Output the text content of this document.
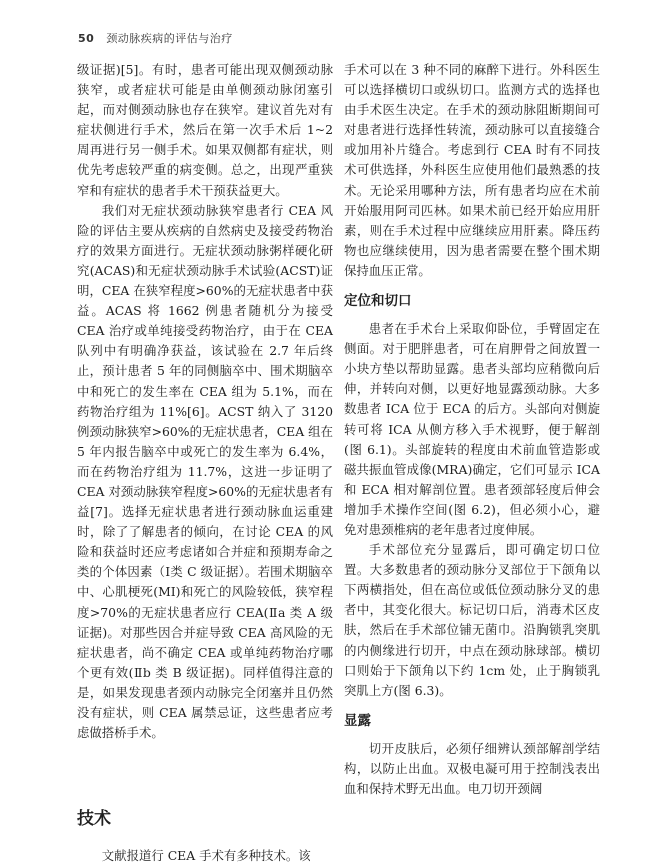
50 颈动脉疾病的评估与治疗

级证据)[5]。有时，患者可能出现双侧颈动脉狭窄，或者症状可能是由单侧颈动脉闭塞引起，而对侧颈动脉也存在狭窄。建议首先对有症状侧进行手术，然后在第一次手术后 1~2 周再进行另一侧手术。如果双侧都有症状，则优先考虑较严重的病变侧。总之，出现严重狭窄和有症状的患者手术干预获益更大。

我们对无症状颈动脉狭窄患者行 CEA 风险的评估主要从疾病的自然病史及接受药物治疗的效果方面进行。无症状颈动脉粥样硬化研究(ACAS)和无症状颈动脉手术试验(ACST)证明，CEA 在狭窄程度>60%的无症状患者中获益。ACAS 将 1662 例患者随机分为接受 CEA 治疗或单纯接受药物治疗，由于在 CEA 队列中有明确净获益，该试验在 2.7 年后终止，预计患者 5 年的同侧脑卒中、围术期脑卒中和死亡的发生率在 CEA 组为 5.1%，而在药物治疗组为 11%[6]。ACST 纳入了 3120 例颈动脉狭窄>60%的无症状患者，CEA 组在 5 年内报告脑卒中或死亡的发生率为 6.4%，而在药物治疗组为 11.7%，这进一步证明了 CEA 对颈动脉狭窄程度>60%的无症状患者有益[7]。选择无症状患者进行颈动脉血运重建时，除了了解患者的倾向，在讨论 CEA 的风险和获益时还应考虑诸如合并症和预期寿命之类的个体因素（Ⅰ类 C 级证据）。若围术期脑卒中、心肌梗死(MI)和死亡的风险较低，狭窄程度>70%的无症状患者应行 CEA(Ⅱa 类 A 级证据)。对那些因合并症导致 CEA 高风险的无症状患者，尚不确定 CEA 或单纯药物治疗哪个更有效(Ⅱb 类 B 级证据)。同样值得注意的是，如果发现患者颈内动脉完全闭塞并且仍然没有症状，则 CEA 属禁忌证，这些患者应考虑做搭桥手术。

技术

文献报道行 CEA 手术有多种技术。该

手术可以在 3 种不同的麻醉下进行。外科医生可以选择横切口或纵切口。监测方式的选择也由手术医生决定。在手术的颈动脉阻断期间可对患者进行选择性转流，颈动脉可以直接缝合或加用补片缝合。考虑到行 CEA 时有不同技术可供选择，外科医生应使用他们最熟悉的技术。无论采用哪种方法，所有患者均应在术前开始服用阿司匹林。如果术前已经开始应用肝素，则在手术过程中应继续应用肝素。降压药物也应继续使用，因为患者需要在整个围术期保持血压正常。

定位和切口

患者在手术台上采取仰卧位，手臂固定在侧面。对于肥胖患者，可在肩胛骨之间放置一小块方垫以帮助显露。患者头部均应稍微向后伸，并转向对侧，以更好地显露颈动脉。大多数患者 ICA 位于 ECA 的后方。头部向对侧旋转可将 ICA 从侧方移入手术视野，便于解剖(图 6.1)。头部旋转的程度由术前血管造影或磁共振血管成像(MRA)确定，它们可显示 ICA 和 ECA 相对解剖位置。患者颈部轻度后伸会增加手术操作空间(图 6.2)，但必须小心，避免对患颈椎病的老年患者过度伸展。

手术部位充分显露后，即可确定切口位置。大多数患者的颈动脉分叉部位于下颌角以下两横指处，但在高位或低位颈动脉分叉的患者中，其变化很大。标记切口后，消毒术区皮肤，然后在手术部位铺无菌巾。沿胸锁乳突肌的内侧缘进行切开，中点在颈动脉球部。横切口则始于下颌角以下约 1cm 处，止于胸锁乳突肌上方(图 6.3)。

显露

切开皮肤后，必须仔细辨认颈部解剖学结构，以防止出血。双极电凝可用于控制浅表出血和保持术野无出血。电刀切开颈阔
